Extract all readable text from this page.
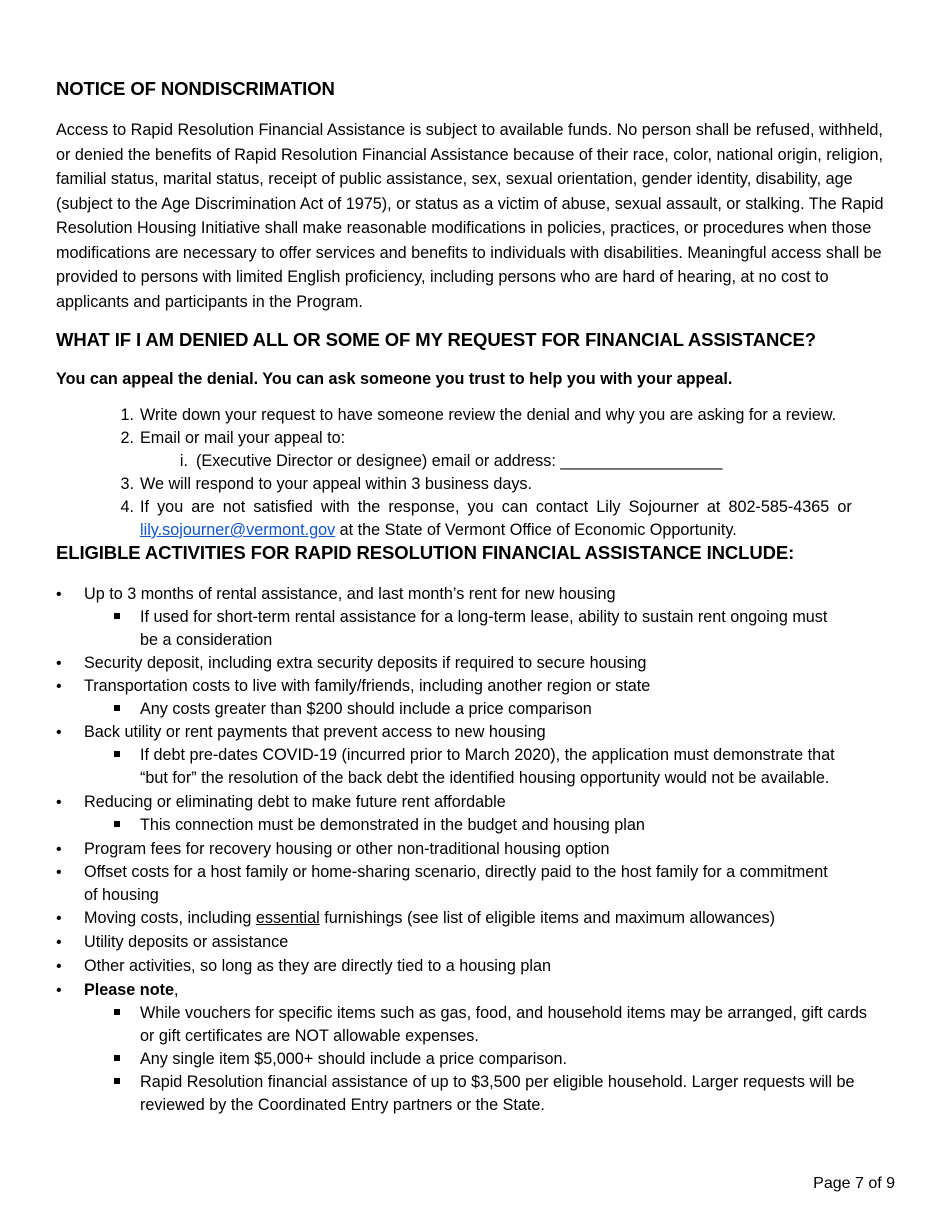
NOTICE OF NONDISCRIMATION
Access to Rapid Resolution Financial Assistance is subject to available funds. No person shall be refused, withheld, or denied the benefits of Rapid Resolution Financial Assistance because of their race, color, national origin, religion, familial status, marital status, receipt of public assistance, sex, sexual orientation, gender identity, disability, age (subject to the Age Discrimination Act of 1975), or status as a victim of abuse, sexual assault, or stalking. The Rapid Resolution Housing Initiative shall make reasonable modifications in policies, practices, or procedures when those modifications are necessary to offer services and benefits to individuals with disabilities. Meaningful access shall be provided to persons with limited English proficiency, including persons who are hard of hearing, at no cost to applicants and participants in the Program.
WHAT IF I AM DENIED ALL OR SOME OF MY REQUEST FOR FINANCIAL ASSISTANCE?
You can appeal the denial. You can ask someone you trust to help you with your appeal.
1. Write down your request to have someone review the denial and why you are asking for a review.
2. Email or mail your appeal to:
i. (Executive Director or designee) email or address: __________________
3. We will respond to your appeal within 3 business days.
4. If you are not satisfied with the response, you can contact Lily Sojourner at 802-585-4365 or
lily.sojourner@vermont.gov at the State of Vermont Office of Economic Opportunity.
ELIGIBLE ACTIVITIES FOR RAPID RESOLUTION FINANCIAL ASSISTANCE INCLUDE:
• Up to 3 months of rental assistance, and last month’s rent for new housing
If used for short-term rental assistance for a long-term lease, ability to sustain rent ongoing must
be a consideration
• Security deposit, including extra security deposits if required to secure housing
• Transportation costs to live with family/friends, including another region or state
Any costs greater than $200 should include a price comparison
• Back utility or rent payments that prevent access to new housing
If debt pre-dates COVID-19 (incurred prior to March 2020), the application must demonstrate that
“but for” the resolution of the back debt the identified housing opportunity would not be available.
• Reducing or eliminating debt to make future rent affordable
This connection must be demonstrated in the budget and housing plan
• Program fees for recovery housing or other non-traditional housing option
• Offset costs for a host family or home-sharing scenario, directly paid to the host family for a commitment
of housing
• Moving costs, including essential furnishings (see list of eligible items and maximum allowances)
• Utility deposits or assistance
• Other activities, so long as they are directly tied to a housing plan
• Please note,
While vouchers for specific items such as gas, food, and household items may be arranged, gift cards
or gift certificates are NOT allowable expenses.
Any single item $5,000+ should include a price comparison.
Rapid Resolution financial assistance of up to $3,500 per eligible household. Larger requests will be
reviewed by the Coordinated Entry partners or the State.
Page 7 of 9
